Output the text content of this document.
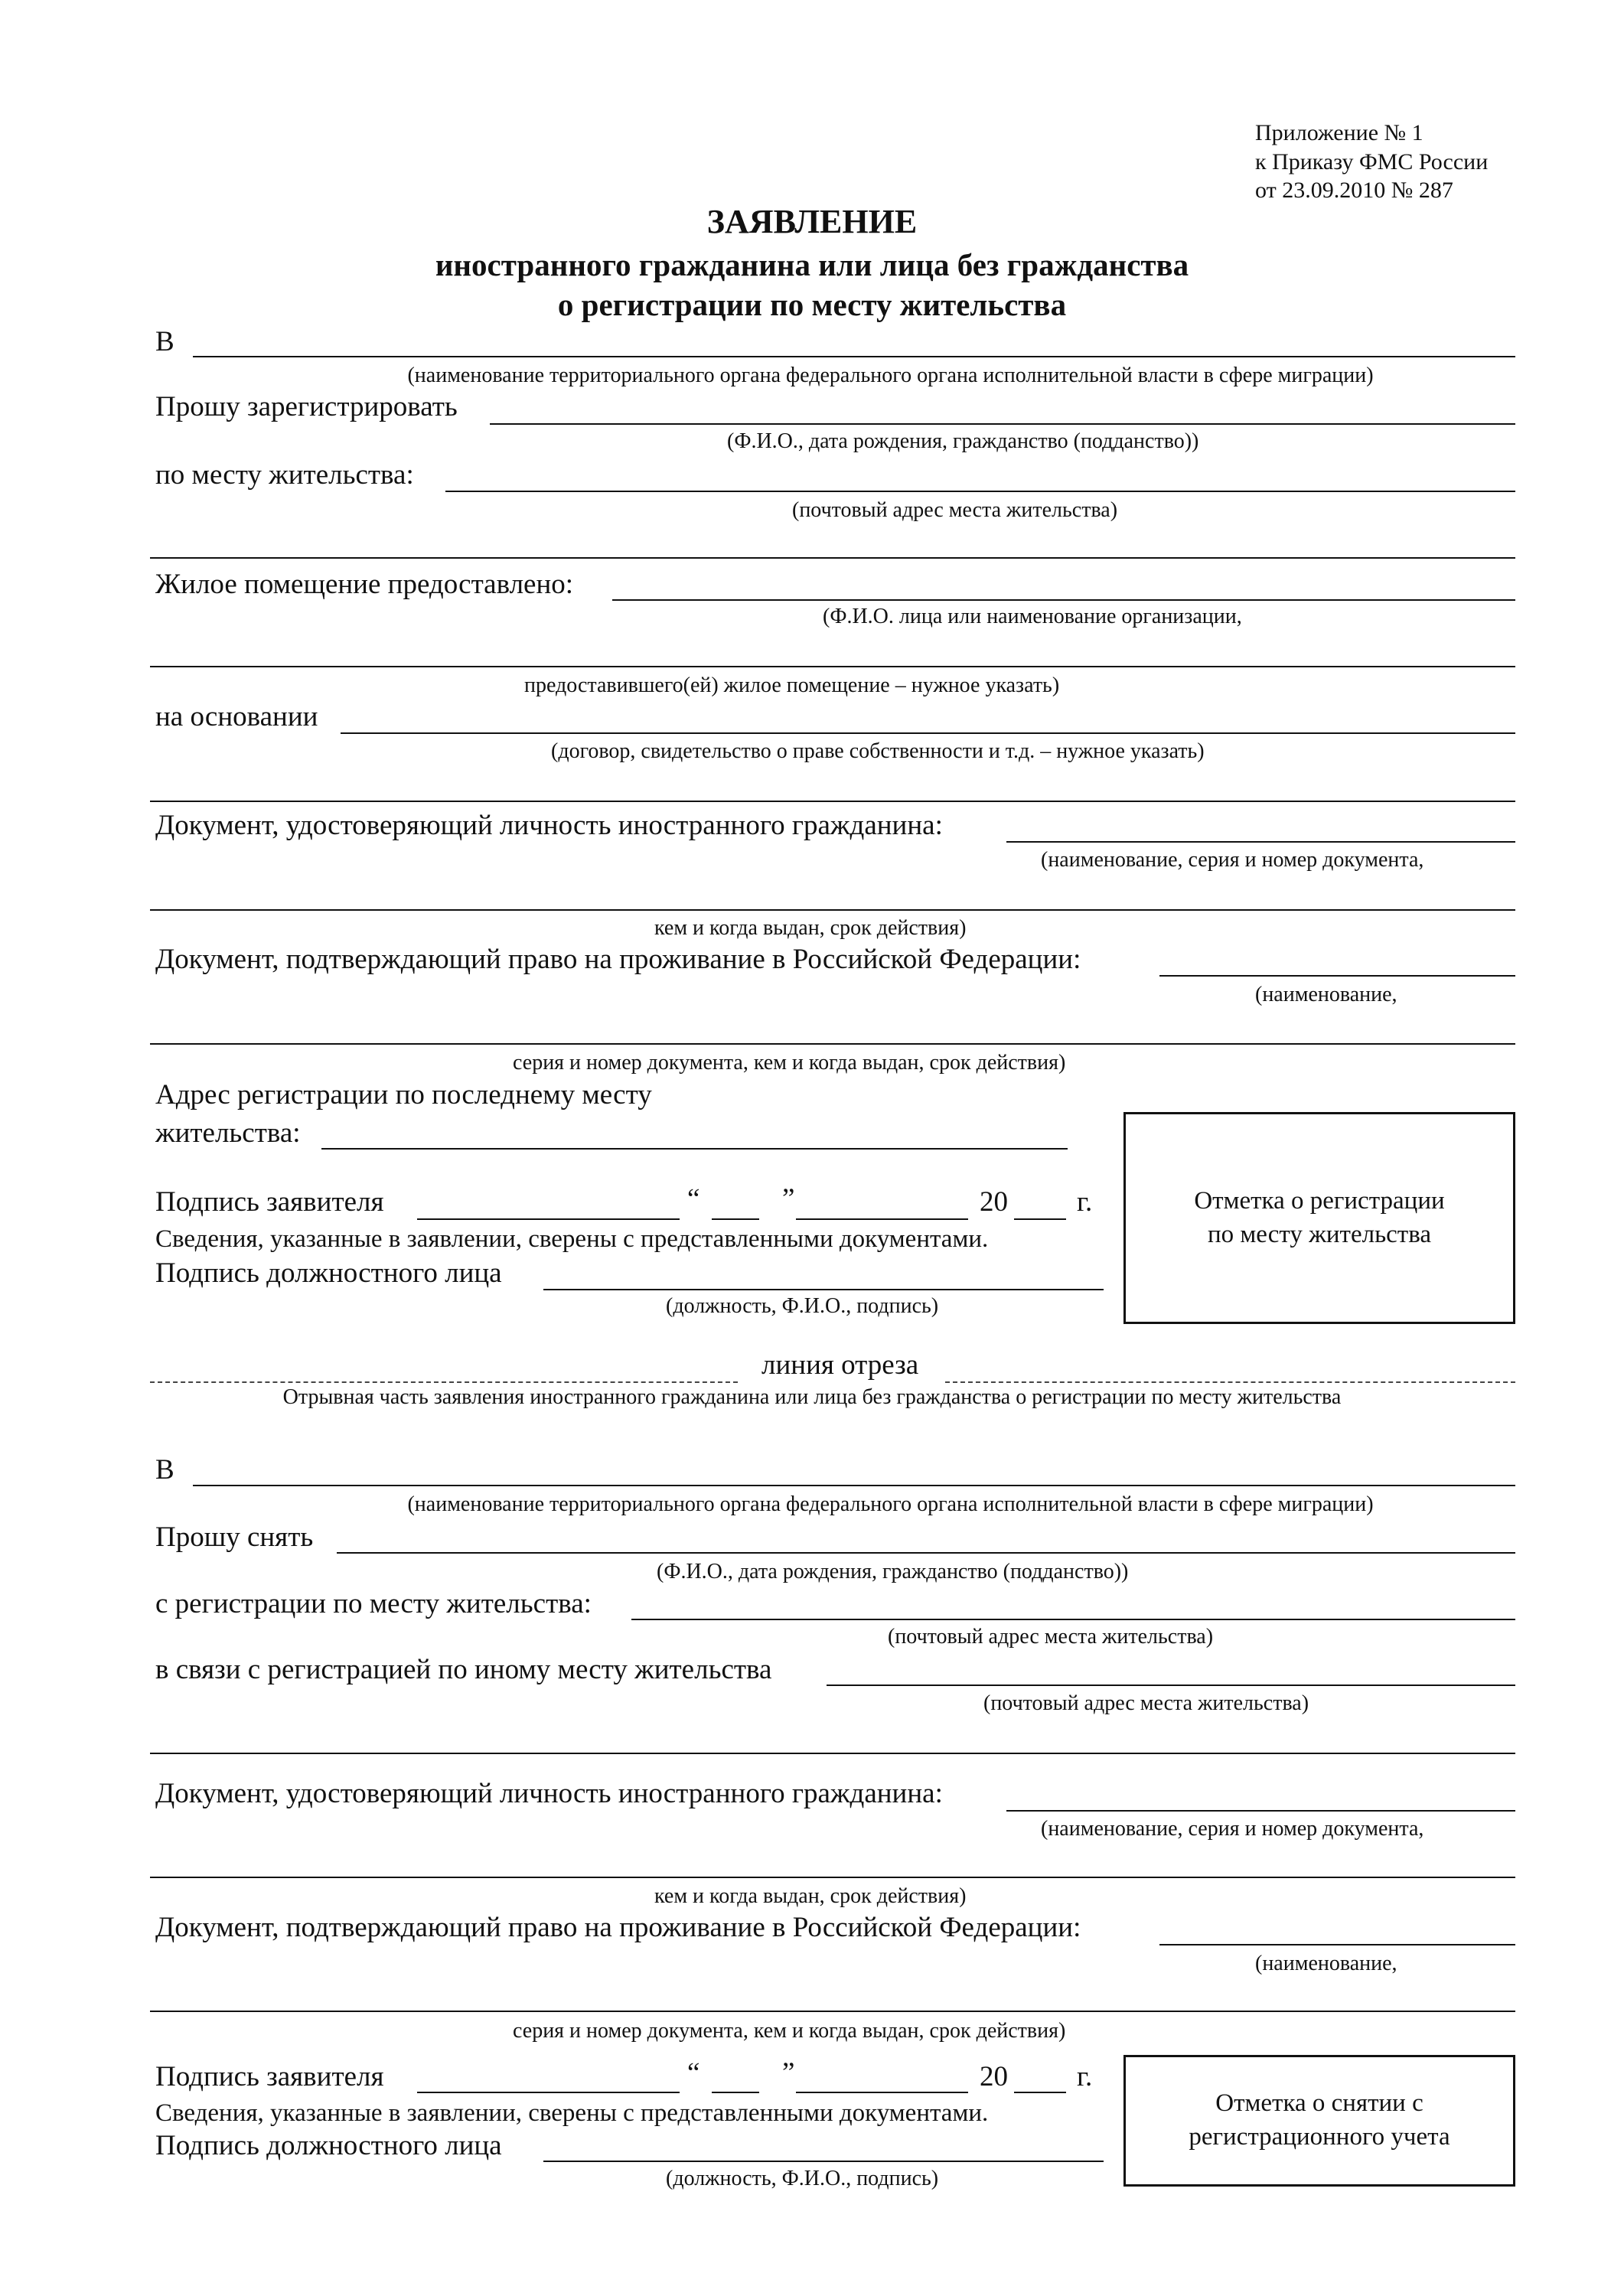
Приложение № 1
к Приказу ФМС России
от 23.09.2010 № 287
ЗАЯВЛЕНИЕ
иностранного гражданина или лица без гражданства
о регистрации по месту жительства
В
(наименование территориального органа федерального органа исполнительной власти в сфере миграции)
Прошу зарегистрировать
(Ф.И.О., дата рождения, гражданство (подданство))
по месту жительства:
(почтовый адрес места жительства)
Жилое помещение предоставлено:
(Ф.И.О. лица или наименование организации,
предоставившего(ей) жилое помещение – нужное указать)
на основании
(договор, свидетельство о праве собственности и т.д. – нужное указать)
Документ, удостоверяющий личность иностранного гражданина:
(наименование, серия и номер документа,
кем и когда выдан, срок действия)
Документ, подтверждающий право на проживание в Российской Федерации:
(наименование,
серия и номер документа, кем и когда выдан, срок действия)
Адрес регистрации по последнему месту
жительства:
Подпись заявителя	“	”	20 г.
Сведения, указанные в заявлении, сверены с представленными документами.
Подпись должностного лица
(должность, Ф.И.О., подпись)
Отметка о регистрации
по месту жительства
линия отреза
Отрывная часть заявления иностранного гражданина или лица без гражданства о регистрации по месту жительства
В
(наименование территориального органа федерального органа исполнительной власти в сфере миграции)
Прошу снять
(Ф.И.О., дата рождения, гражданство (подданство))
с регистрации по месту жительства:
(почтовый адрес места жительства)
в связи с регистрацией по иному месту жительства
(почтовый адрес места жительства)
Документ, удостоверяющий личность иностранного гражданина:
(наименование, серия и номер документа,
кем и когда выдан, срок действия)
Документ, подтверждающий право на проживание в Российской Федерации:
(наименование,
серия и номер документа, кем и когда выдан, срок действия)
Подпись заявителя	“	”	20 г.
Сведения, указанные в заявлении, сверены с представленными документами.
Подпись должностного лица
(должность, Ф.И.О., подпись)
Отметка о снятии с
регистрационного учета
